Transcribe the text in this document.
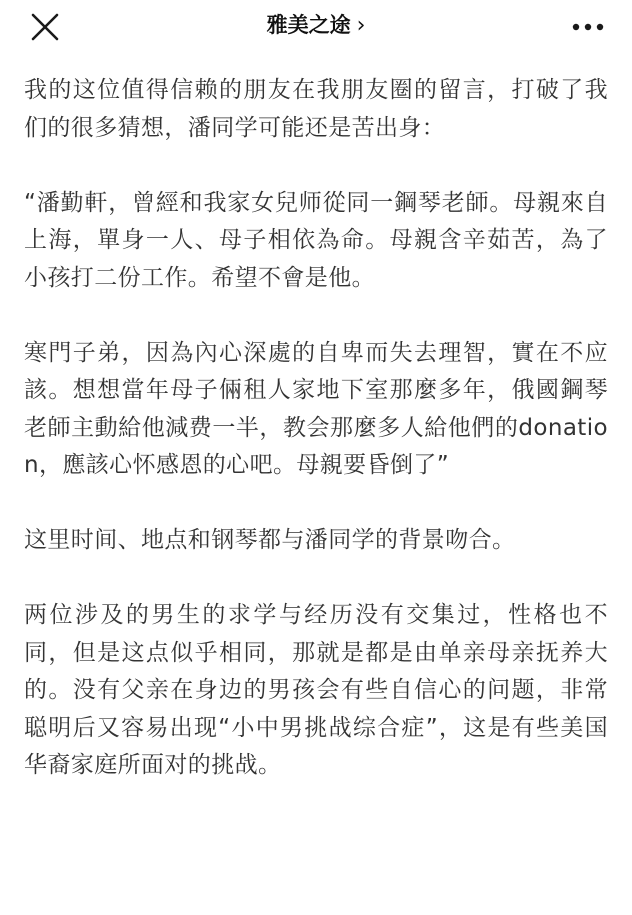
雅美之途 ›

我的这位值得信赖的朋友在我朋友圈的留言，打破了我们的很多猜想，潘同学可能还是苦出身：

“潘勤軒，曾經和我家女兒师從同一鋼琴老師。母親來自上海，單身一人、母子相依為命。母親含辛茹苦，為了小孩打二份工作。希望不會是他。

寒門子弟，因為內心深處的自卑而失去理智，實在不应該。想想當年母子倆租人家地下室那麼多年，俄國鋼琴老師主動給他減费一半，教会那麼多人給他們的donation，應該心怀感恩的心吧。母親要昏倒了”

这里时间、地点和钢琴都与潘同学的背景吻合。

两位涉及的男生的求学与经历没有交集过，性格也不同，但是这点似乎相同，那就是都是由单亲母亲抚养大的。没有父亲在身边的男孩会有些自信心的问题，非常聪明后又容易出现“小中男挑战综合症”，这是有些美国华裔家庭所面对的挑战。
